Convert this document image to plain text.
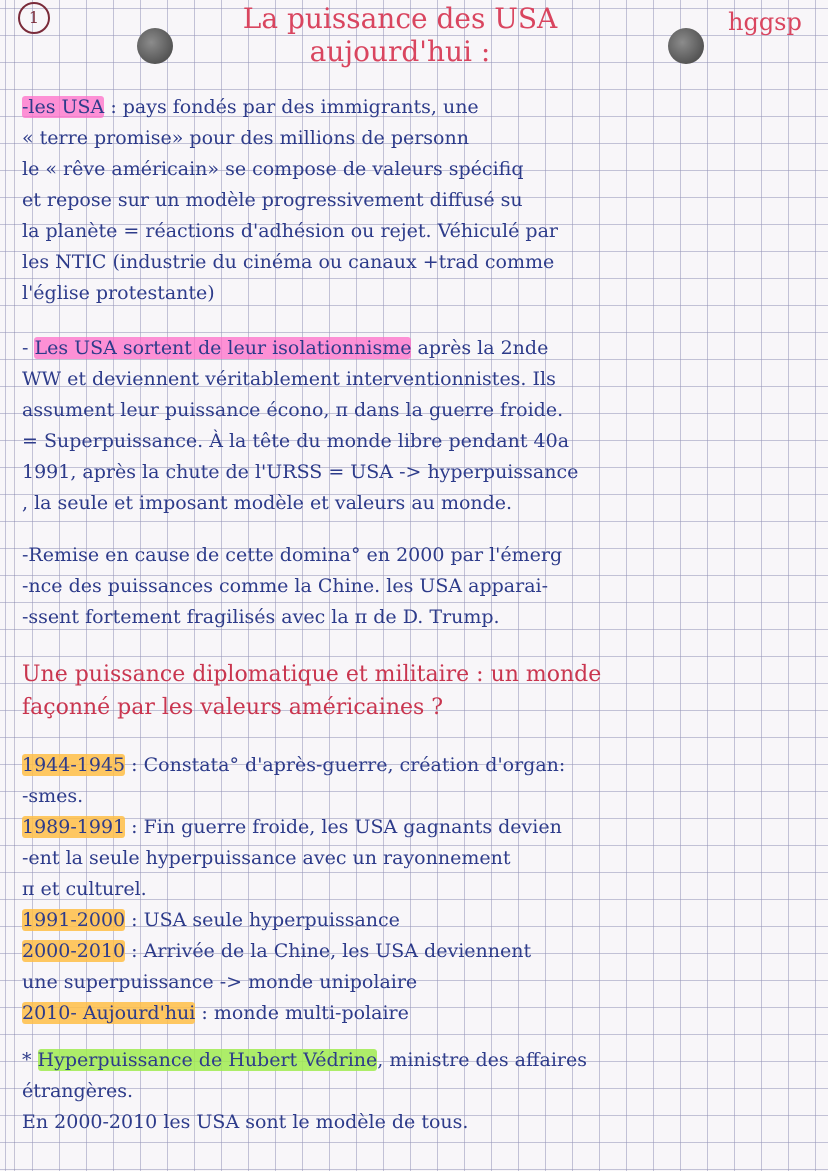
1	La puissance des USA
aujourd'hui :
hggsp
-les USA : pays fondés par des immigrants, une
« terre promise» pour des millions de personn
le « rêve américain» se compose de valeurs spécifiq
et repose sur un modèle progressivement diffusé su
la planète = réactions d'adhésion ou rejet. Véhiculé par
les NTIC (industrie du cinéma ou canaux +trad comme
l'église protestante)
- Les USA sortent de leur isolationnisme après la 2nde
WW et deviennent véritablement interventionnistes. Ils
assument leur puissance écono, π dans la guerre froide.
= Superpuissance. À la tête du monde libre pendant 40a
1991, après la chute de l'URSS = USA -> hyperpuissance
, la seule et imposant modèle et valeurs au monde.
-Remise en cause de cette domina° en 2000 par l'émerg
-nce des puissances comme la Chine. les USA apparai-
-ssent fortement fragilisés avec la π de D. Trump.
Une puissance diplomatique et militaire : un monde
façonné par les valeurs américaines ?
1944-1945 : Constata° d'après-guerre, création d'organ:
-smes.
1989-1991 : Fin guerre froide, les USA gagnants devien
-ent la seule hyperpuissance avec un rayonnement
π et culturel.
1991-2000 : USA seule hyperpuissance
2000-2010 : Arrivée de la Chine, les USA deviennent
une superpuissance -> monde unipolaire
2010- Aujourd'hui : monde multi-polaire
* Hyperpuissance de Hubert Védrine, ministre des affaires
étrangères.
En 2000-2010 les USA sont le modèle de tous.
